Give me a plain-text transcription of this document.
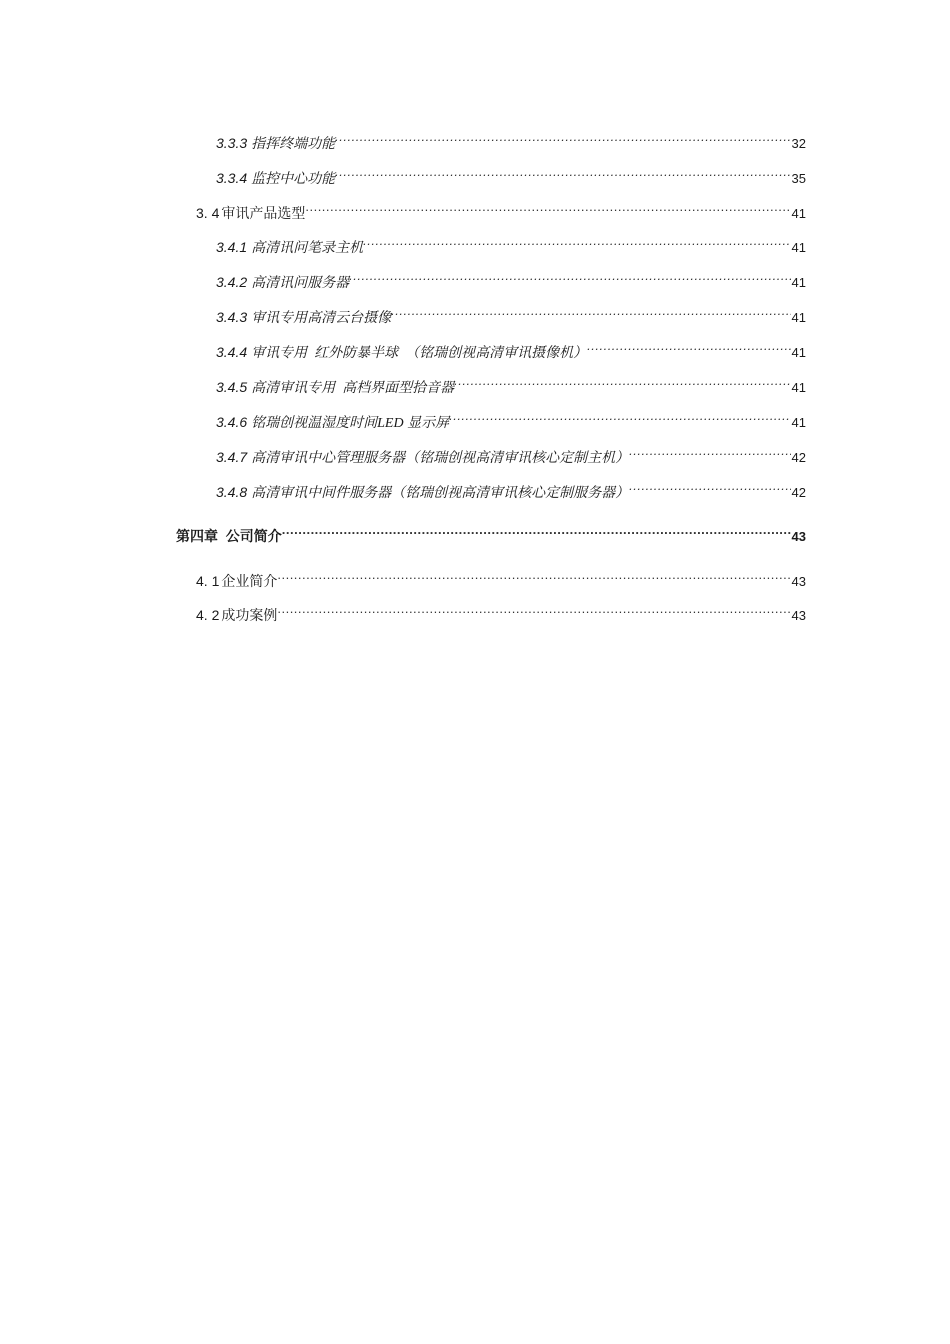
3.3.3 指挥终端功能 .....	32
3.3.4 监控中心功能 .....	35
3. 4 审讯产品选型 .....	41
3.4.1 高清讯问笔录主机 .....	41
3.4.2 高清讯问服务器 .....	41
3.4.3 审讯专用高清云台摄像 .....	41
3.4.4 审讯专用  红外防暴半球  （铭瑞创视高清审讯摄像机） .....	41
3.4.5 高清审讯专用  高档界面型拾音器 .....	41
3.4.6 铭瑞创视温湿度时间LED 显示屏 .....	41
3.4.7 高清审讯中心管理服务器（铭瑞创视高清审讯核心定制主机） .....	42
3.4.8 高清审讯中间件服务器（铭瑞创视高清审讯核心定制服务器） .....	42
第四章  公司简介 .....	43
4. 1 企业简介 .....	43
4. 2 成功案例 .....	43
